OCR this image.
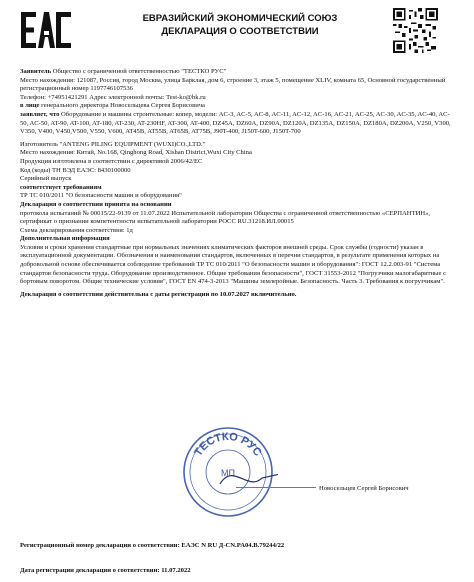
ЕВРАЗИЙСКИЙ ЭКОНОМИЧЕСКИЙ СОЮЗ
ДЕКЛАРАЦИЯ О СООТВЕТСТВИИ

Заявитель Общество с ограниченной ответственностью "ТЕСТКО РУС"

Место нахождения: 121087, Россия, город Москва, улица Барклая, дом 6, строение 3, этаж 5, помещение XLIV, комната 65, Основной государственный регистрационный номер 1197746107536

Телефон: +74951421291 Адрес электронной почты: Test-ko@bk.ru

в лице генерального директора Новосельцева Сергея Борисовича

заявляет, что Оборудование и машины строительные: копер, модели: AC-3, AC-5, AC-8, AC-11, AC-12, AC-16, AC-21, AC-25, AC-30, AC-35, AC-40, AC-50, AC-50, AT-90, AT-100, AT-180, AT-230, AT-230HF, AT-300, AT-400, DZ45A, DZ60A, DZ90A, DZ120A, DZ135A, DZ150A, DZ180A, DZ200A, V250, V300, V350, V400, V450,V500, V550, V600, AT45B, AT55B, AT65B, AT75B, J90T-400, J150T-600, J150T-700

Изготовитель "ANTENG PILING EQUIPMENT (WUXI)CO.,LTD."

Место нахождения: Китай, No.168, Qinghong Road, Xishan District,Wuxi City China

Продукция изготовлена в соответствии с директивой 2006/42/EC

Код (коды) ТН ВЭД ЕАЭС: 8430100000

Серийный выпуск

соответствует требованиям

ТР ТС 010/2011 "О безопасности машин и оборудования"

Декларация о соответствии принята на основании

протокола испытаний № 00015/22-9139 от 11.07.2022 Испытательной лаборатории Общества с ограниченной ответственностью «СЕРПАНТИН», сертификат о признании компетентности испытательной лаборатории РОСС RU.31218.ИЛ.00015

Схема декларирования соответствия: 1д

Дополнительная информация

Условия и сроки хранения стандартные при нормальных значениях климатических факторов внешней среды. Срок службы (годности) указан в эксплуатационной документации. Обозначения и наименования стандартов, включенных в перечни стандартов, в результате применения которых на добровольной основе обеспечивается соблюдение требований ТР ТС 010/2011 "О безопасности машин и оборудования": ГОСТ 12.2.003-91 "Система стандартов безопасности труда. Оборудование производственное. Общие требования безопасности", ГОСТ 31553-2012 "Погрузчики малогабаритные с бортовым поворотом. Общие технические условия", ГОСТ EN 474-3-2013 "Машины землеройные. Безопасность. Часть 3. Требования к погрузчикам".

Декларация о соответствии действительна с даты регистрации по 10.07.2027 включительно.

ТЕСТКО РУС
МП

Новосельцев Сергей Борисович

Регистрационный номер декларации о соответствии: ЕАЭС N RU Д-CN.PA04.B.79244/22

Дата регистрации декларации о соответствии: 11.07.2022
